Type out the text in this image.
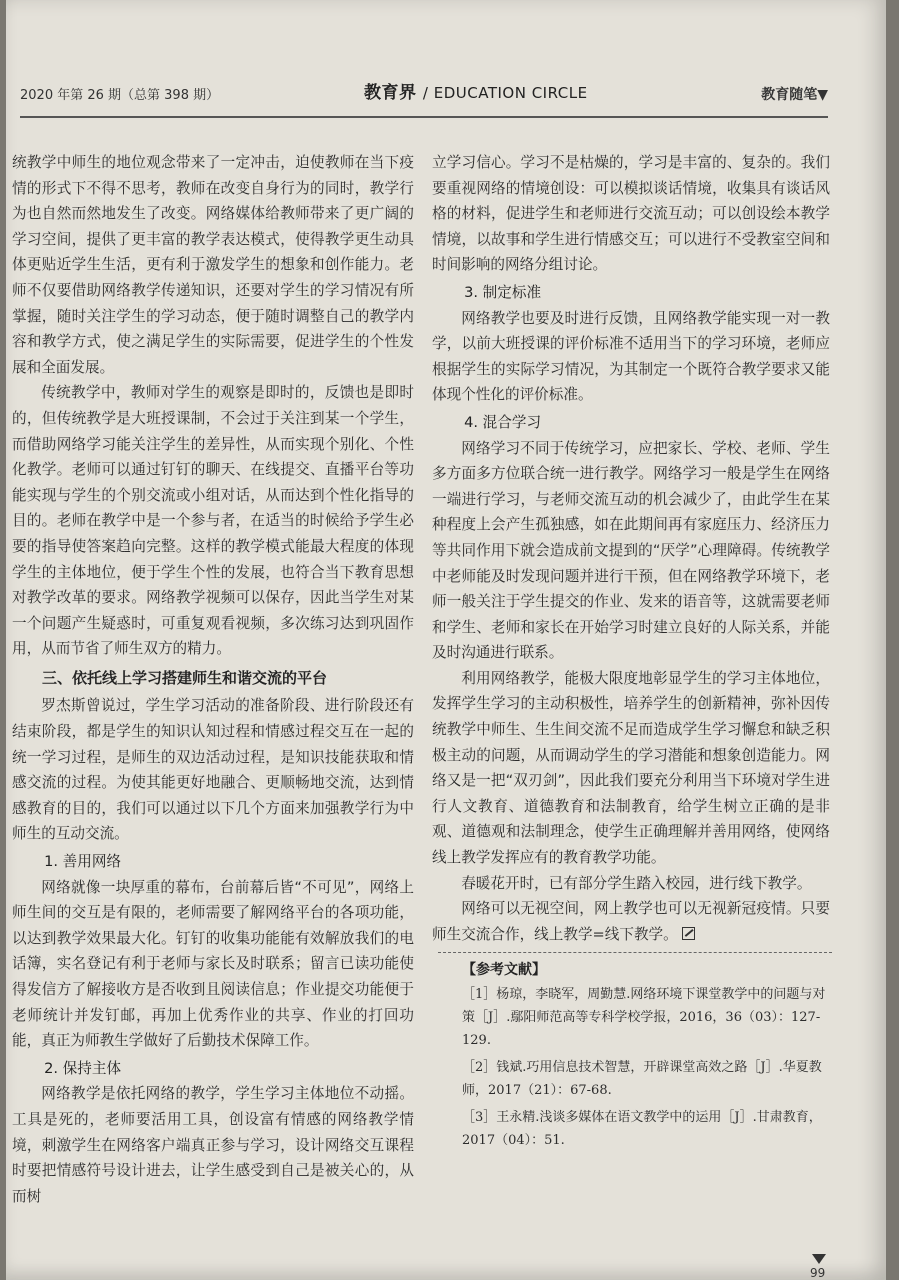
2020 年第 26 期（总第 398 期）	教育界 / EDUCATION CIRCLE	教育随笔▼

统教学中师生的地位观念带来了一定冲击，迫使教师在当下疫情的形式下不得不思考，教师在改变自身行为的同时，教学行为也自然而然地发生了改变。网络媒体给教师带来了更广阔的学习空间，提供了更丰富的教学表达模式，使得教学更生动具体更贴近学生生活，更有利于激发学生的想象和创作能力。老师不仅要借助网络教学传递知识，还要对学生的学习情况有所掌握，随时关注学生的学习动态，便于随时调整自己的教学内容和教学方式，使之满足学生的实际需要，促进学生的个性发展和全面发展。

传统教学中，教师对学生的观察是即时的，反馈也是即时的，但传统教学是大班授课制，不会过于关注到某一个学生，而借助网络学习能关注学生的差异性，从而实现个别化、个性化教学。老师可以通过钉钉的聊天、在线提交、直播平台等功能实现与学生的个别交流或小组对话，从而达到个性化指导的目的。老师在教学中是一个参与者，在适当的时候给予学生必要的指导使答案趋向完整。这样的教学模式能最大程度的体现学生的主体地位，便于学生个性的发展，也符合当下教育思想对教学改革的要求。网络教学视频可以保存，因此当学生对某一个问题产生疑惑时，可重复观看视频，多次练习达到巩固作用，从而节省了师生双方的精力。

三、依托线上学习搭建师生和谐交流的平台

罗杰斯曾说过，学生学习活动的准备阶段、进行阶段还有结束阶段，都是学生的知识认知过程和情感过程交互在一起的统一学习过程，是师生的双边活动过程，是知识技能获取和情感交流的过程。为使其能更好地融合、更顺畅地交流，达到情感教育的目的，我们可以通过以下几个方面来加强教学行为中师生的互动交流。

1. 善用网络

网络就像一块厚重的幕布，台前幕后皆“不可见”，网络上师生间的交互是有限的，老师需要了解网络平台的各项功能，以达到教学效果最大化。钉钉的收集功能能有效解放我们的电话簿，实名登记有利于老师与家长及时联系；留言已读功能使得发信方了解接收方是否收到且阅读信息；作业提交功能便于老师统计并发钉邮，再加上优秀作业的共享、作业的打回功能，真正为师教生学做好了后勤技术保障工作。

2. 保持主体

网络教学是依托网络的教学，学生学习主体地位不动摇。工具是死的，老师要活用工具，创设富有情感的网络教学情境，刺激学生在网络客户端真正参与学习，设计网络交互课程时要把情感符号设计进去，让学生感受到自己是被关心的，从而树

立学习信心。学习不是枯燥的，学习是丰富的、复杂的。我们要重视网络的情境创设：可以模拟谈话情境，收集具有谈话风格的材料，促进学生和老师进行交流互动；可以创设绘本教学情境，以故事和学生进行情感交互；可以进行不受教室空间和时间影响的网络分组讨论。

3. 制定标准

网络教学也要及时进行反馈，且网络教学能实现一对一教学，以前大班授课的评价标准不适用当下的学习环境，老师应根据学生的实际学习情况，为其制定一个既符合教学要求又能体现个性化的评价标准。

4. 混合学习

网络学习不同于传统学习，应把家长、学校、老师、学生多方面多方位联合统一进行教学。网络学习一般是学生在网络一端进行学习，与老师交流互动的机会减少了，由此学生在某种程度上会产生孤独感，如在此期间再有家庭压力、经济压力等共同作用下就会造成前文提到的“厌学”心理障碍。传统教学中老师能及时发现问题并进行干预，但在网络教学环境下，老师一般关注于学生提交的作业、发来的语音等，这就需要老师和学生、老师和家长在开始学习时建立良好的人际关系，并能及时沟通进行联系。

利用网络教学，能极大限度地彰显学生的学习主体地位，发挥学生学习的主动积极性，培养学生的创新精神，弥补因传统教学中师生、生生间交流不足而造成学生学习懈怠和缺乏积极主动的问题，从而调动学生的学习潜能和想象创造能力。网络又是一把“双刃剑”，因此我们要充分利用当下环境对学生进行人文教育、道德教育和法制教育，给学生树立正确的是非观、道德观和法制理念，使学生正确理解并善用网络，使网络线上教学发挥应有的教育教学功能。

春暖花开时，已有部分学生踏入校园，进行线下教学。

网络可以无视空间，网上教学也可以无视新冠疫情。只要师生交流合作，线上教学=线下教学。

【参考文献】

［1］杨琼，李晓军，周勤慧.网络环境下课堂教学中的问题与对策［J］.鄢阳师范高等专科学校学报，2016，36（03）：127-129.

［2］钱斌.巧用信息技术智慧，开辟课堂高效之路［J］.华夏教师，2017（21）：67-68.

［3］王永精.浅谈多媒体在语文教学中的运用［J］.甘肃教育，2017（04）：51.

99
